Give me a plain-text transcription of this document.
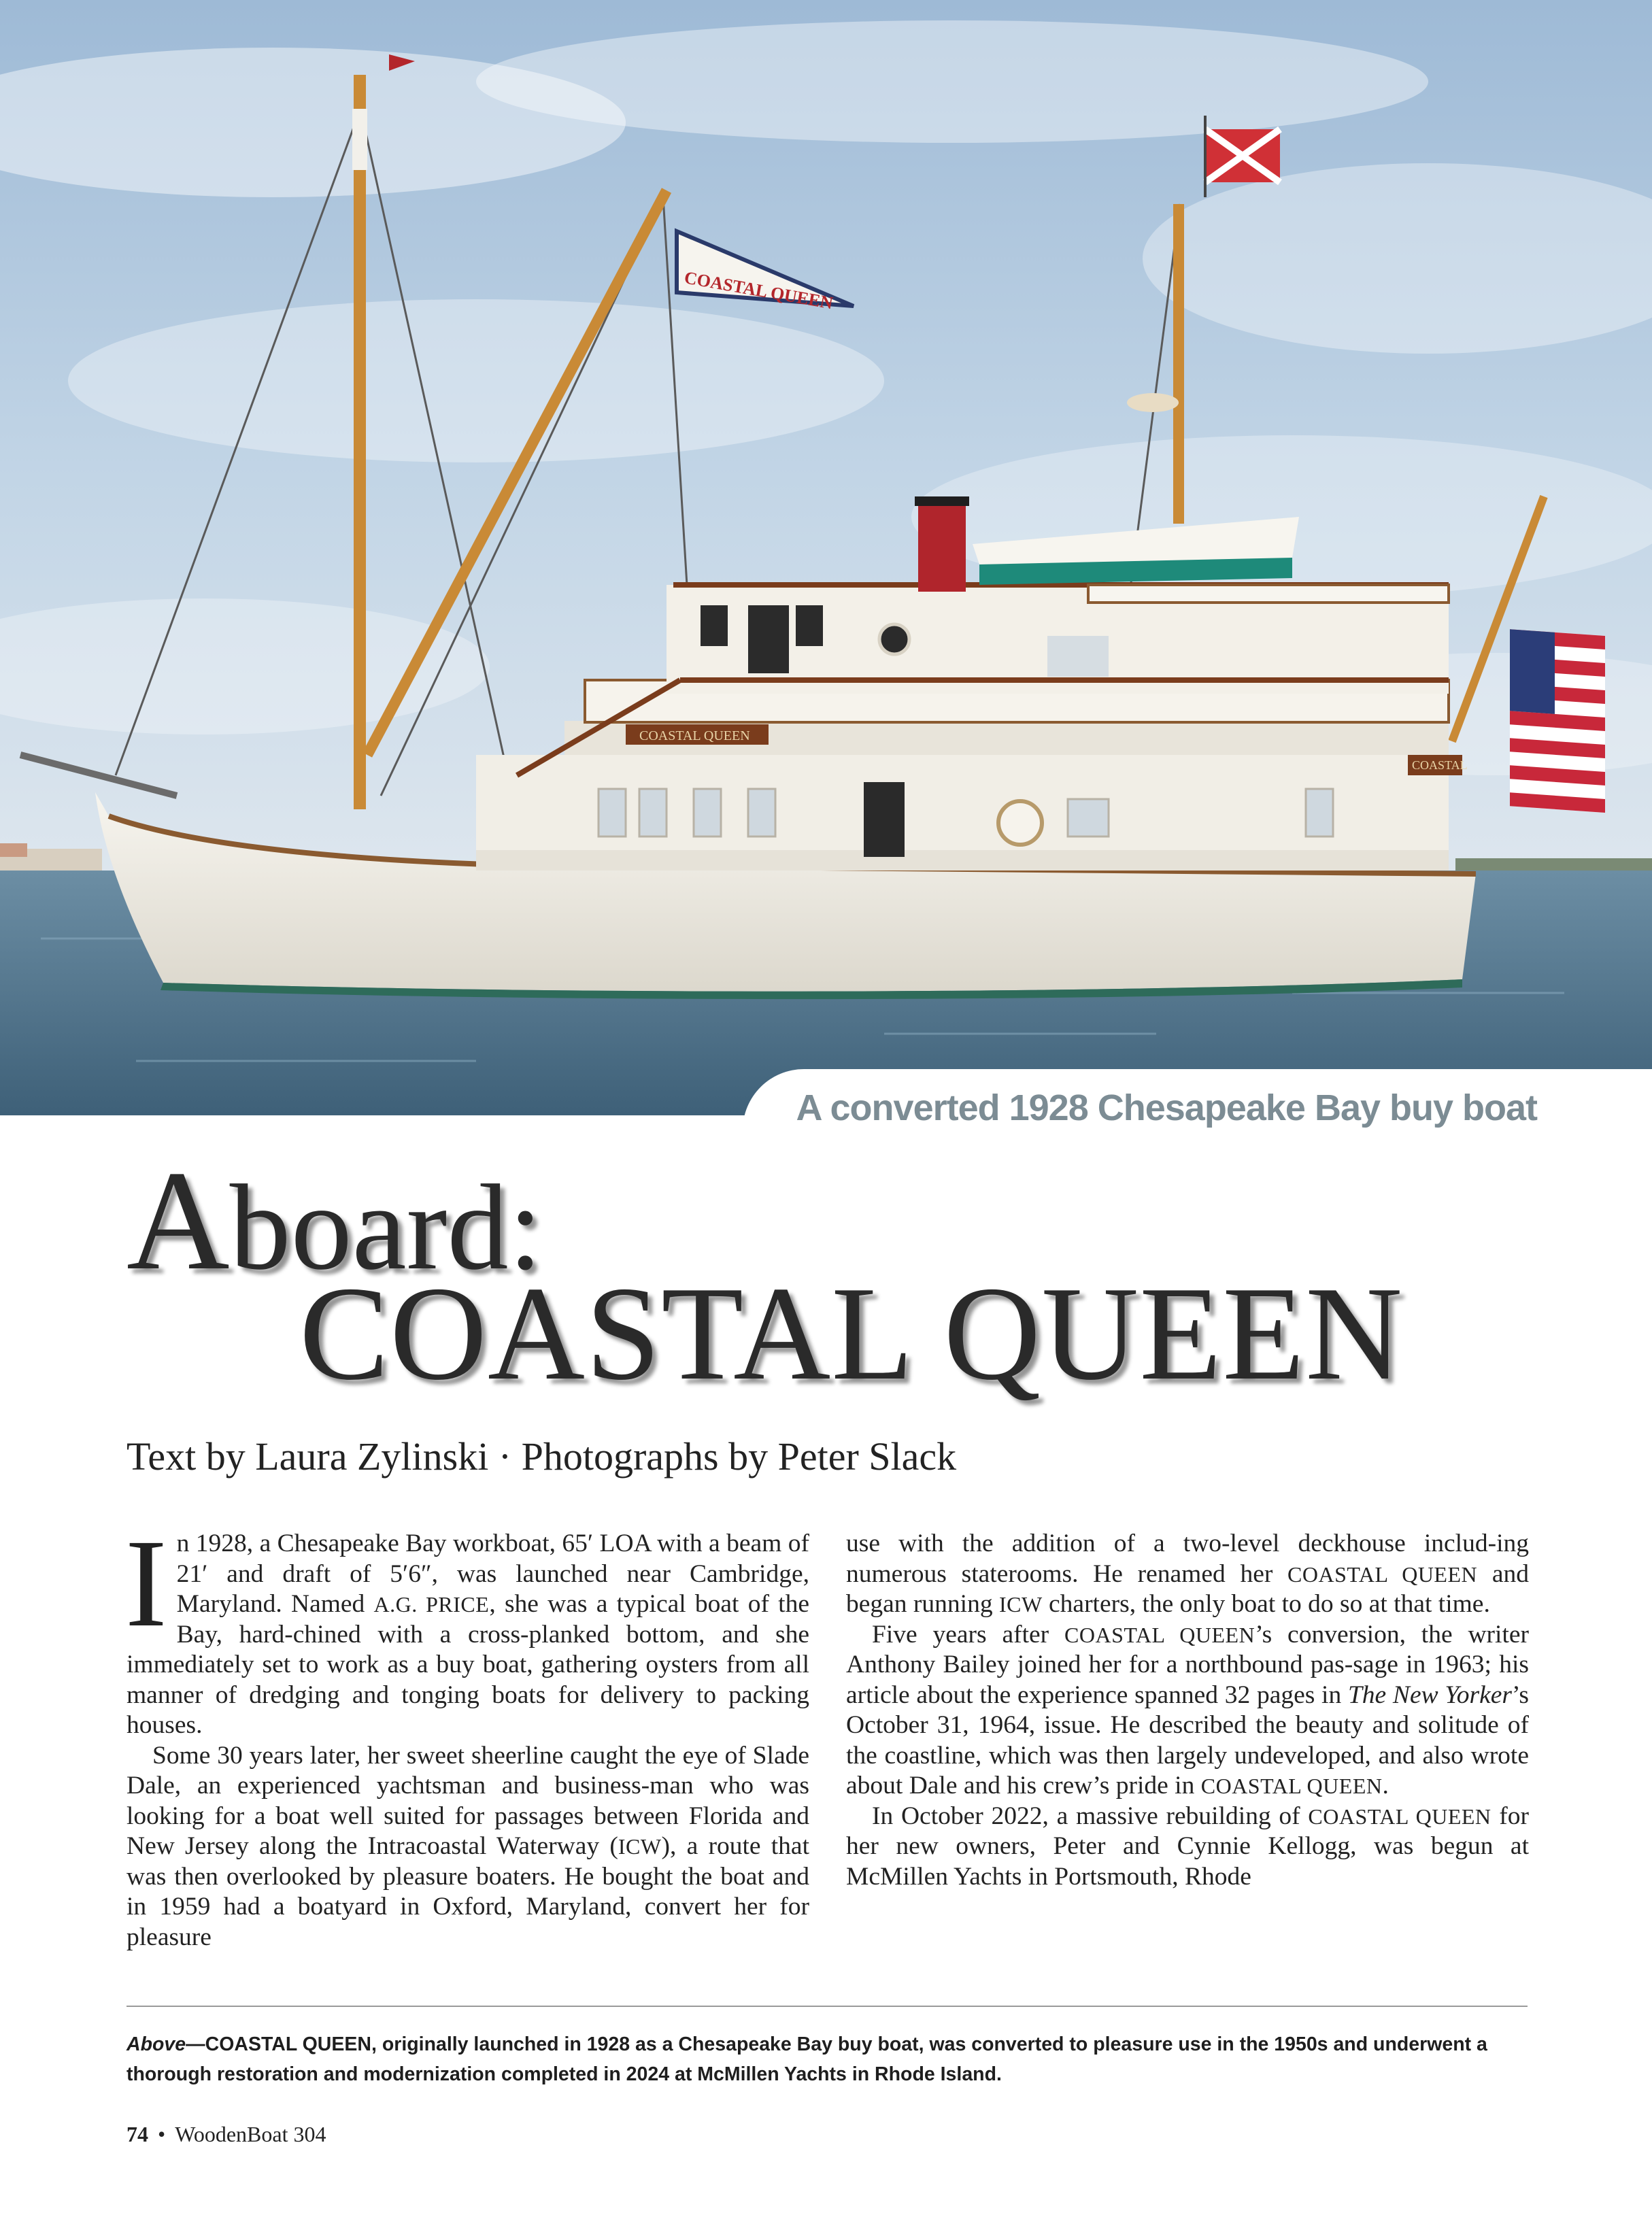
COASTAL QUEEN
COASTAL QUEEN
COASTAL
A converted 1928 Chesapeake Bay buy boat
Aboard:
COASTAL QUEEN
Text by Laura Zylinski · Photographs by Peter Slack

In 1928, a Chesapeake Bay workboat, 65′ LOA with a beam of 21′ and draft of 5′6″, was launched near Cambridge, Maryland. Named A.G. PRICE, she was a typical boat of the Bay, hard-chined with a cross-planked bottom, and she immediately set to work as a buy boat, gathering oysters from all manner of dredging and tonging boats for delivery to packing houses.

Some 30 years later, her sweet sheerline caught the eye of Slade Dale, an experienced yachtsman and business-man who was looking for a boat well suited for passages between Florida and New Jersey along the Intracoastal Waterway (ICW), a route that was then overlooked by pleasure boaters. He bought the boat and in 1959 had a boatyard in Oxford, Maryland, convert her for pleasure

use with the addition of a two-level deckhouse includ-ing numerous staterooms. He renamed her COASTAL QUEEN and began running ICW charters, the only boat to do so at that time.

Five years after COASTAL QUEEN’s conversion, the writer Anthony Bailey joined her for a northbound pas-sage in 1963; his article about the experience spanned 32 pages in The New Yorker’s October 31, 1964, issue. He described the beauty and solitude of the coastline, which was then largely undeveloped, and also wrote about Dale and his crew’s pride in COASTAL QUEEN.

In October 2022, a massive rebuilding of COASTAL QUEEN for her new owners, Peter and Cynnie Kellogg, was begun at McMillen Yachts in Portsmouth, Rhode

Above—COASTAL QUEEN, originally launched in 1928 as a Chesapeake Bay buy boat, was converted to pleasure use in the 1950s and underwent a thorough restoration and modernization completed in 2024 at McMillen Yachts in Rhode Island.
74 • WoodenBoat 304
